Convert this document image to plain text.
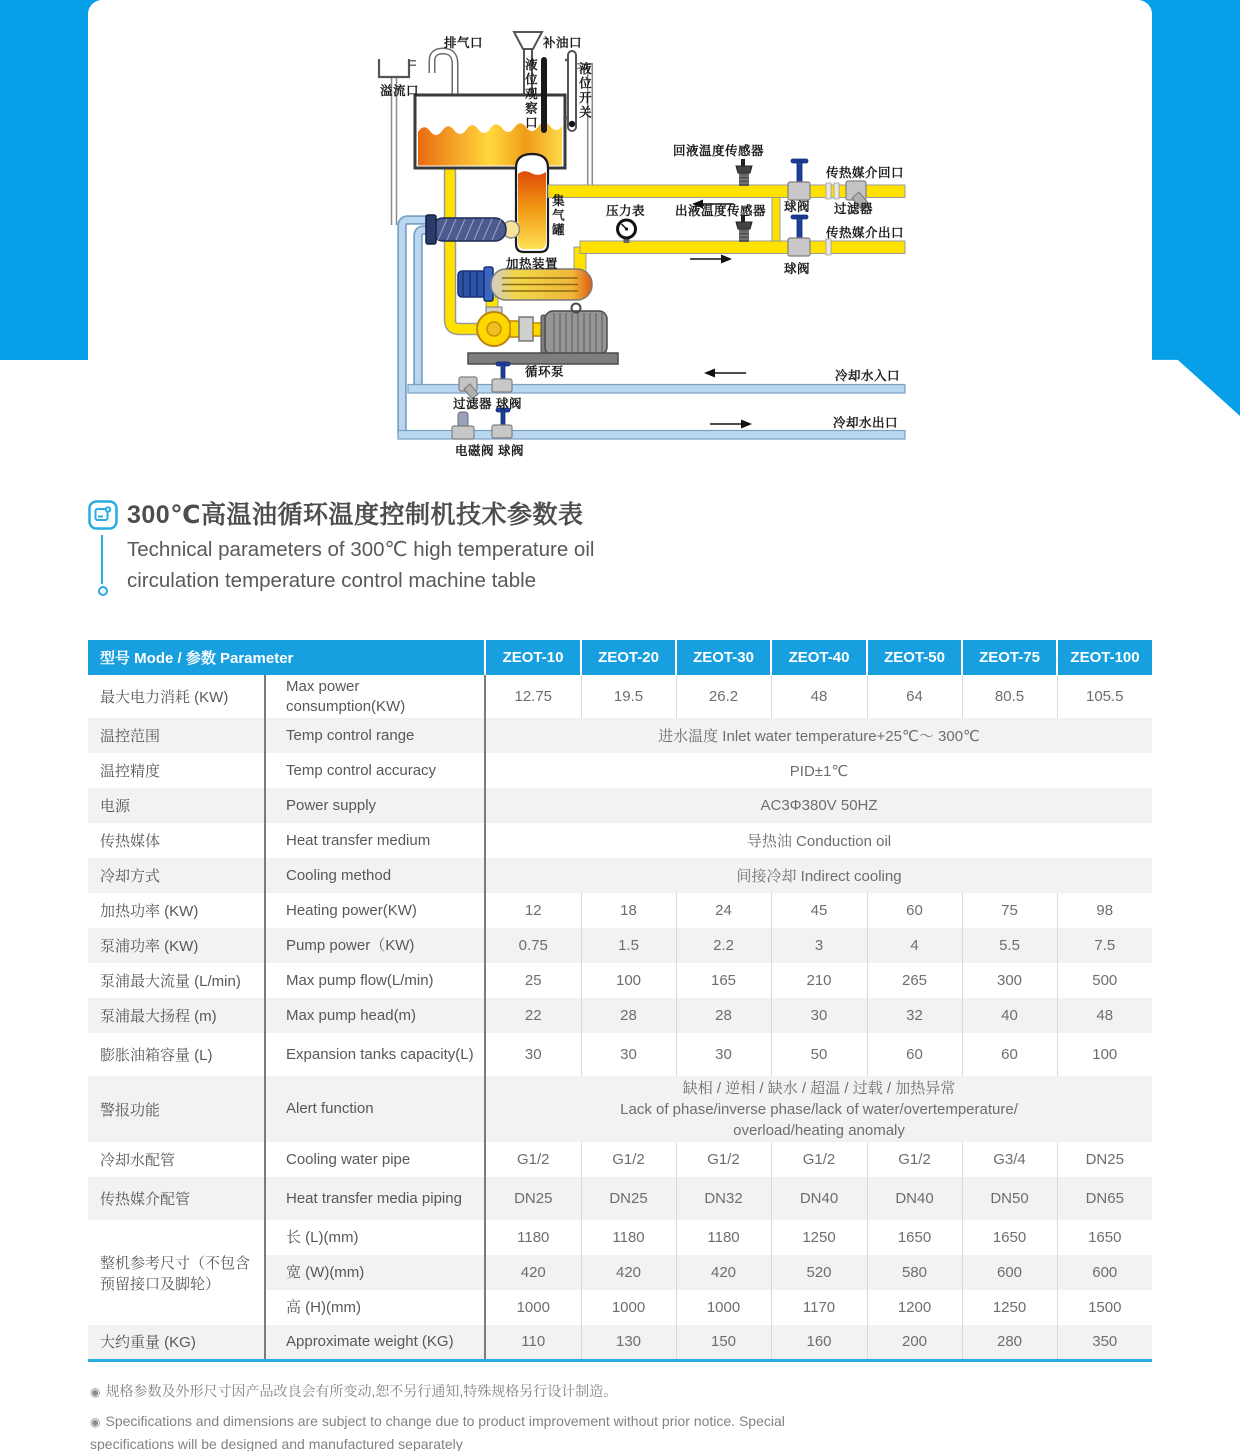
排气口	补油口
溢流口	液位观察口	液位开关
集气罐	压力表
回液温度传感器
出液温度传感器 球阀 过滤器
传热媒介回口
传热媒介出口
球阀
加热装置
循环泵
过滤器 球阀
电磁阀 球阀
冷却水入口
冷却水出口
300℃高温油循环温度控制机技术参数表
Technical parameters of 300℃ high temperature oil
circulation temperature control machine table
型号 Mode / 参数 Parameter		ZEOT-10	ZEOT-20	ZEOT-30	ZEOT-40	ZEOT-50	ZEOT-75	ZEOT-100
最大电力消耗 (KW)	Max power consumption(KW)	12.75	19.5	26.2	48	64	80.5	105.5
温控范围	Temp control range	进水温度 Inlet water temperature+25℃～ 300℃						
温控精度	Temp control accuracy	PID±1℃						
电源	Power supply	AC3Φ380V 50HZ						
传热媒体	Heat transfer medium	导热油 Conduction oil						
冷却方式	Cooling method	间接冷却 Indirect cooling						
加热功率 (KW)	Heating power(KW)	12	18	24	45	60	75	98
泵浦功率 (KW)	Pump power（KW)	0.75	1.5	2.2	3	4	5.5	7.5
泵浦最大流量 (L/min)	Max pump flow(L/min)	25	100	165	210	265	300	500
泵浦最大扬程 (m)	Max pump head(m)	22	28	28	30	32	40	48
膨胀油箱容量 (L)	Expansion tanks capacity(L)	30	30	30	50	60	60	100
警报功能	Alert function	缺相 / 逆相 / 缺水 / 超温 / 过载 / 加热异常
Lack of phase/inverse phase/lack of water/overtemperature/
overload/heating anomaly						

冷却水配管	Cooling water pipe	G1/2	G1/2	G1/2	G1/2	G1/2	G3/4	DN25
传热媒介配管	Heat transfer media piping	DN25	DN25	DN32	DN40	DN40	DN50	DN65
整机参考尺寸（不包含预留接口及脚轮）	长 (L)(mm)	1180	1180	1180	1250	1650	1650	1650
	宽 (W)(mm)	420	420	420	520	580	600	600
	高 (H)(mm)	1000	1000	1000	1170	1200	1250	1500
大约重量 (KG)	Approximate weight (KG)	110	130	150	160	200	280	350

◉ 规格参数及外形尺寸因产品改良会有所变动,恕不另行通知,特殊规格另行设计制造。

◉ Specifications and dimensions are subject to change due to product improvement without prior notice. Special specifications will be designed and manufactured separately
